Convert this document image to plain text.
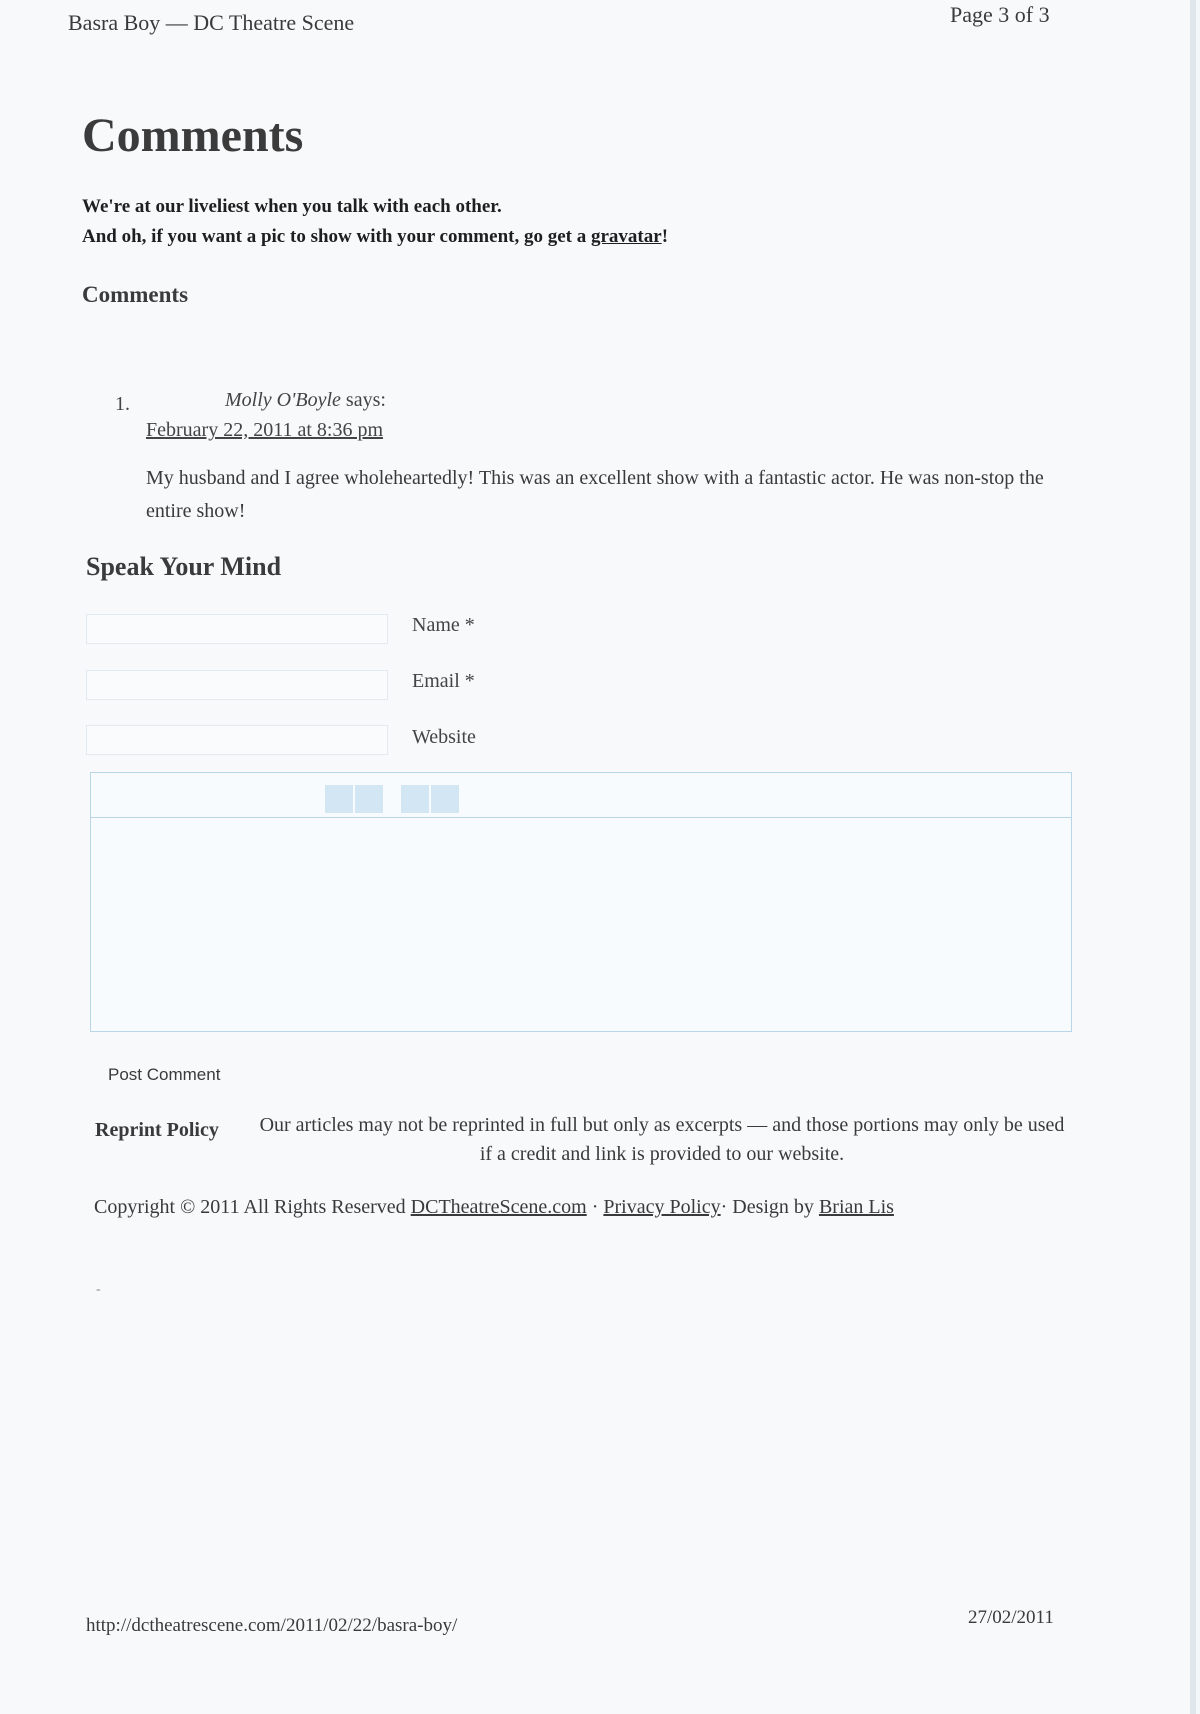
Basra Boy — DC Theatre Scene	Page 3 of 3
Comments
We're at our liveliest when you talk with each other.
And oh, if you want a pic to show with your comment, go get a gravatar!
Comments
1.	Molly O'Boyle says:
February 22, 2011 at 8:36 pm
My husband and I agree wholeheartedly! This was an excellent show with a fantastic actor. He was non-stop the entire show!
Speak Your Mind
Name *
Email *
Website
Post Comment
Reprint Policy	Our articles may not be reprinted in full but only as excerpts — and those portions may only be used if a credit and link is provided to our website.
Copyright © 2011 All Rights Reserved DCTheatreScene.com · Privacy Policy· Design by Brian Lis
-
http://dctheatrescene.com/2011/02/22/basra-boy/	27/02/2011
